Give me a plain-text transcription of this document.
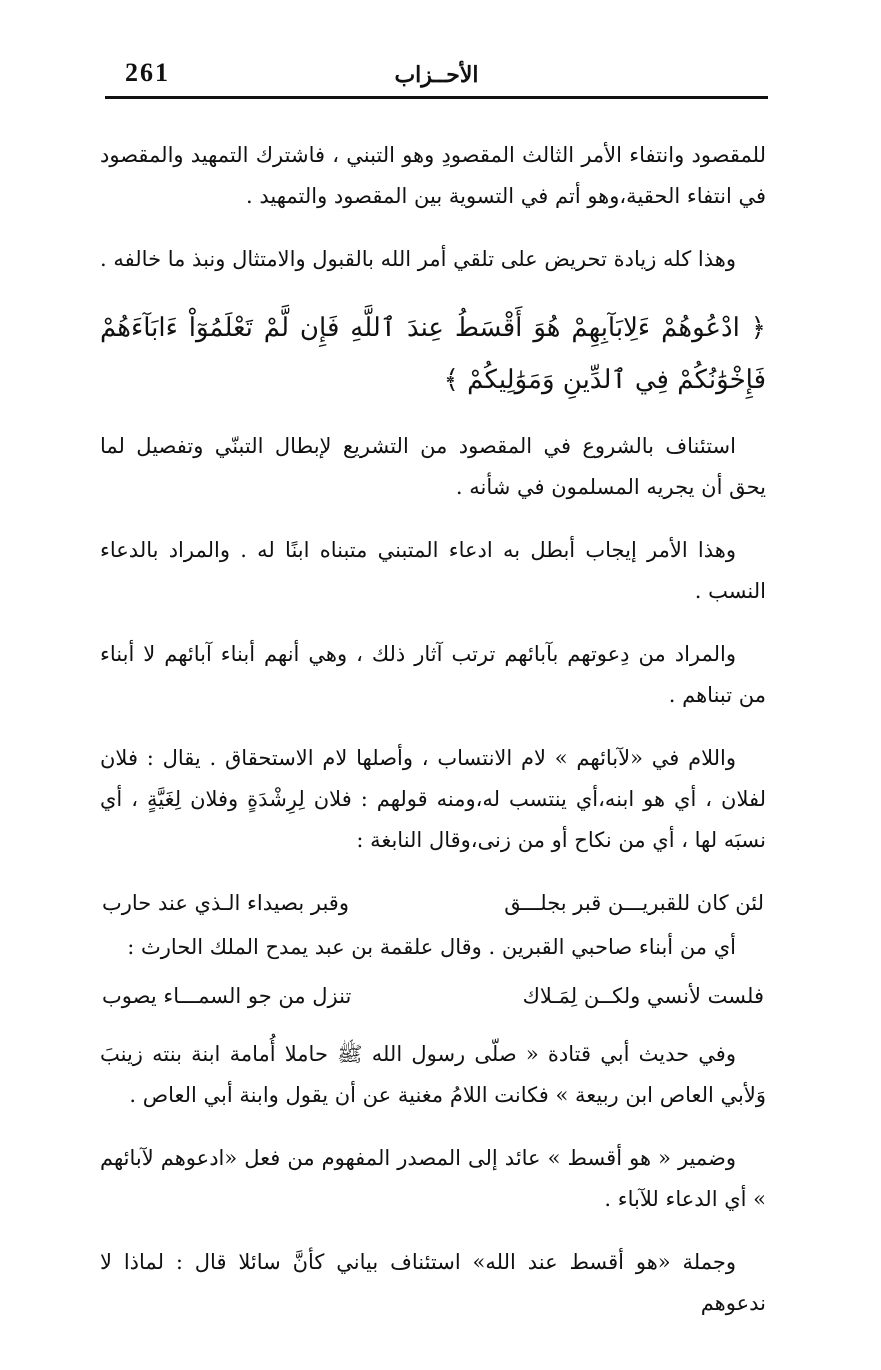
261	الأحــزاب

للمقصود وانتفاء الأمر الثالث المقصودِ وهو التبني ، فاشترك التمهيد والمقصود في انتفاء الحقية،وهو أتم في التسوية بين المقصود والتمهيد .

وهذا كله زيادة تحريض على تلقي أمر الله بالقبول والامتثال ونبذ ما خالفه .

﴿ ادْعُوهُمْ ءَلِابَآبِهِمْ هُوَ أَقْسَطُ عِندَ ٱللَّهِ فَإِن لَّمْ تَعْلَمُوٓاْ ءَابَآءَهُمْ فَإِخْوَٰنُكُمْ فِي ٱلدِّينِ وَمَوَٰلِيكُمْ ﴾

استئناف بالشروع في المقصود من التشريع لإبطال التبنّي وتفصيل لما يحق أن يجريه المسلمون في شأنه .

وهذا الأمر إيجاب أبطل به ادعاء المتبني متبناه ابنًا له . والمراد بالدعاء النسب .

والمراد من دِعوتهم بآبائهم ترتب آثار ذلك ، وهي أنهم أبناء آبائهم لا أبناء من تبناهم .

واللام في «لآبائهم » لام الانتساب ، وأصلها لام الاستحقاق . يقال : فلان لفلان ، أي هو ابنه،أي ينتسب له،ومنه قولهم : فلان لِرِشْدَةٍ وفلان لِغَيَّةٍ ، أي نسبَه لها ، أي من نكاح أو من زنى،وقال النابغة :

لئن كان للقبريـــن قبر بجلـــق
وقبر بصيداء الـذي عند حارب

أي من أبناء صاحبي القبرين . وقال علقمة بن عبد يمدح الملك الحارث :

فلست لأنسي ولكــن لِمَـلاك
تنزل من جو السمـــاء يصوب

وفي حديث أبي قتادة « صلّى رسول الله ﷺ حاملا أُمامة ابنة بنته زينبَ وَلأبي العاص ابن ربيعة » فكانت اللامُ مغنية عن أن يقول وابنة أبي العاص .

وضمير « هو أقسط » عائد إلى المصدر المفهوم من فعل «ادعوهم لآبائهم » أي الدعاء للآباء .

وجملة «هو أقسط عند الله» استئناف بياني كأنَّ سائلا قال : لماذا لا ندعوهم
